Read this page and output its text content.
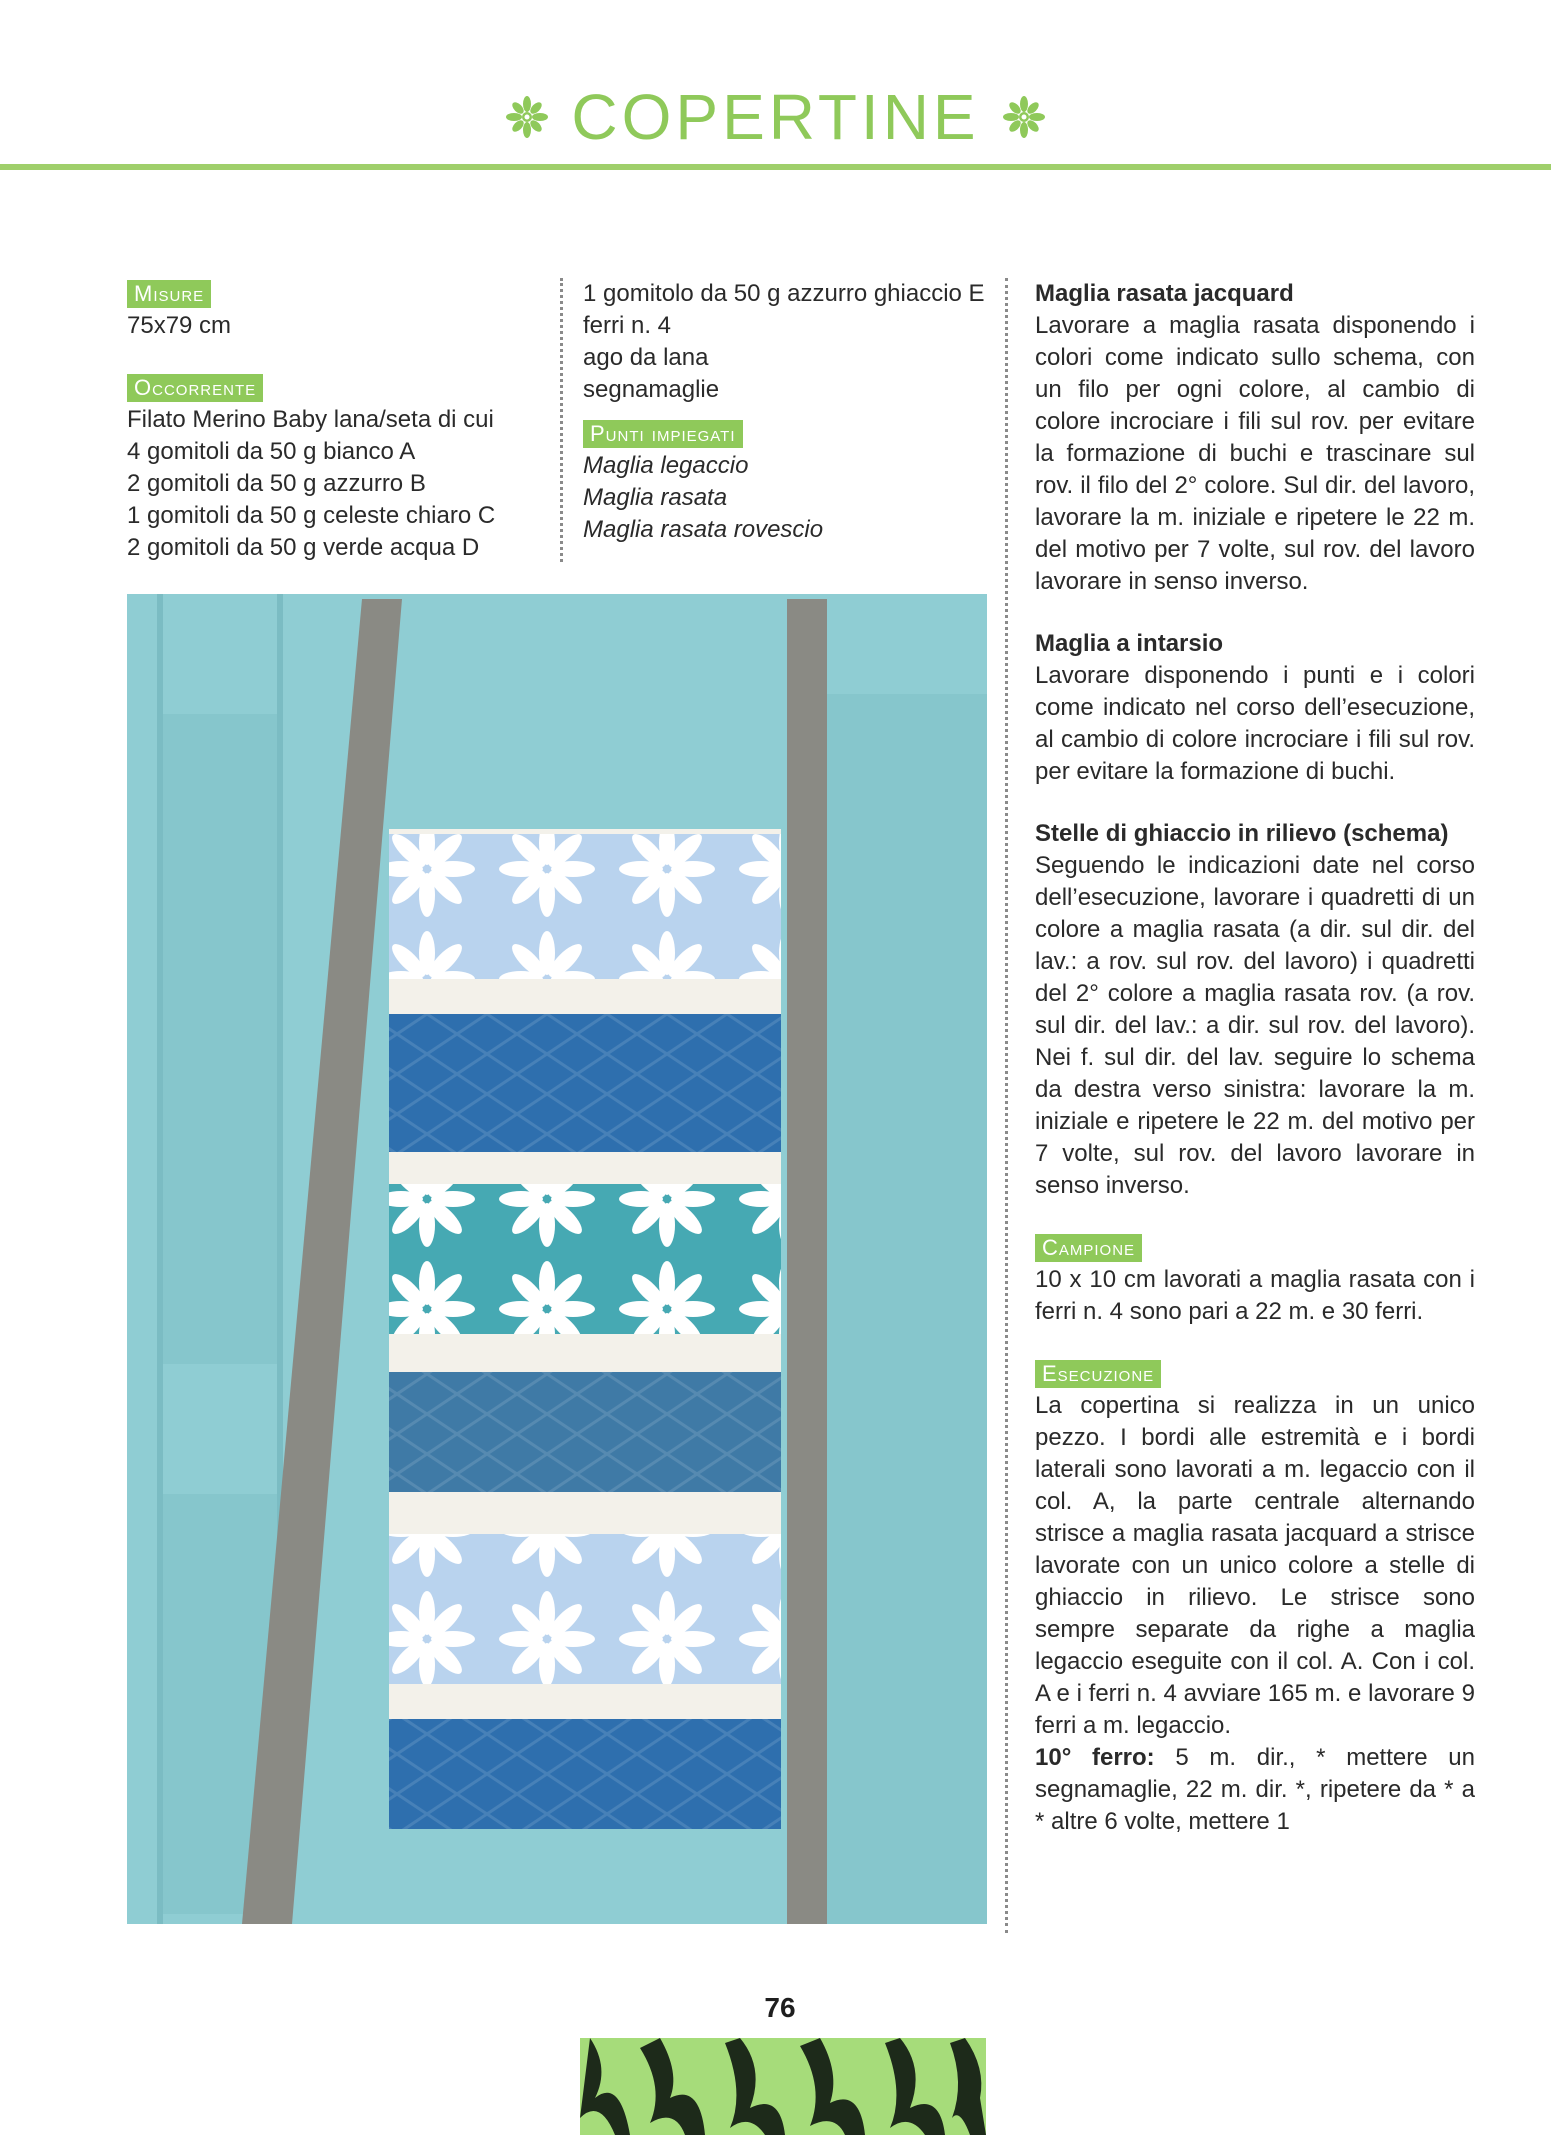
COPERTINE
Misure
75x79 cm
Occorrente
Filato Merino Baby lana/seta di cui
4 gomitoli da 50 g bianco A
2 gomitoli da 50 g azzurro B
1 gomitoli da 50 g celeste chiaro C
2 gomitoli da 50 g verde acqua D
1 gomitolo da 50 g azzurro ghiaccio E
ferri n. 4
ago da lana
segnamaglie
Punti impiegati
Maglia legaccio
Maglia rasata
Maglia rasata rovescio
Maglia rasata jacquard
Lavorare a maglia rasata disponendo i colori come indicato sullo schema, con un filo per ogni colore, al cambio di colore incrociare i fili sul rov. per evitare la formazione di buchi e trascinare sul rov. il filo del 2° colore. Sul dir. del lavoro, lavorare la m. iniziale e ripetere le 22 m. del motivo per 7 volte, sul rov. del lavoro lavorare in senso inverso.
Maglia a intarsio
Lavorare disponendo i punti e i colori come indicato nel corso dell’esecuzione, al cambio di colore incrociare i fili sul rov. per evitare la formazione di buchi.
Stelle di ghiaccio in rilievo (schema)
Seguendo le indicazioni date nel corso dell’esecuzione, lavorare i quadretti di un colore a maglia rasata (a dir. sul dir. del lav.: a rov. sul rov. del lavoro) i quadretti del 2° colore a maglia rasata rov. (a rov. sul dir. del lav.: a dir. sul rov. del lavoro). Nei f. sul dir. del lav. seguire lo schema da destra verso sinistra: lavorare la m. iniziale e ripetere le 22 m. del motivo per 7 volte, sul rov. del lavoro lavorare in senso inverso.
Campione
10 x 10 cm lavorati a maglia rasata con i ferri n. 4 sono pari a 22 m. e 30 ferri.
Esecuzione
La copertina si realizza in un unico pezzo. I bordi alle estremità e i bordi laterali sono lavorati a m. legaccio con il col. A, la parte centrale alternando strisce a maglia rasata jacquard a strisce lavorate con un unico colore a stelle di ghiaccio in rilievo. Le strisce sono sempre separate da righe a maglia legaccio eseguite con il col. A. Con i col. A e i ferri n. 4 avviare 165 m. e lavorare 9 ferri a m. legaccio.
10° ferro: 5 m. dir., * mettere un segnamaglie, 22 m. dir. *, ripetere da * a * altre 6 volte, mettere 1
76
